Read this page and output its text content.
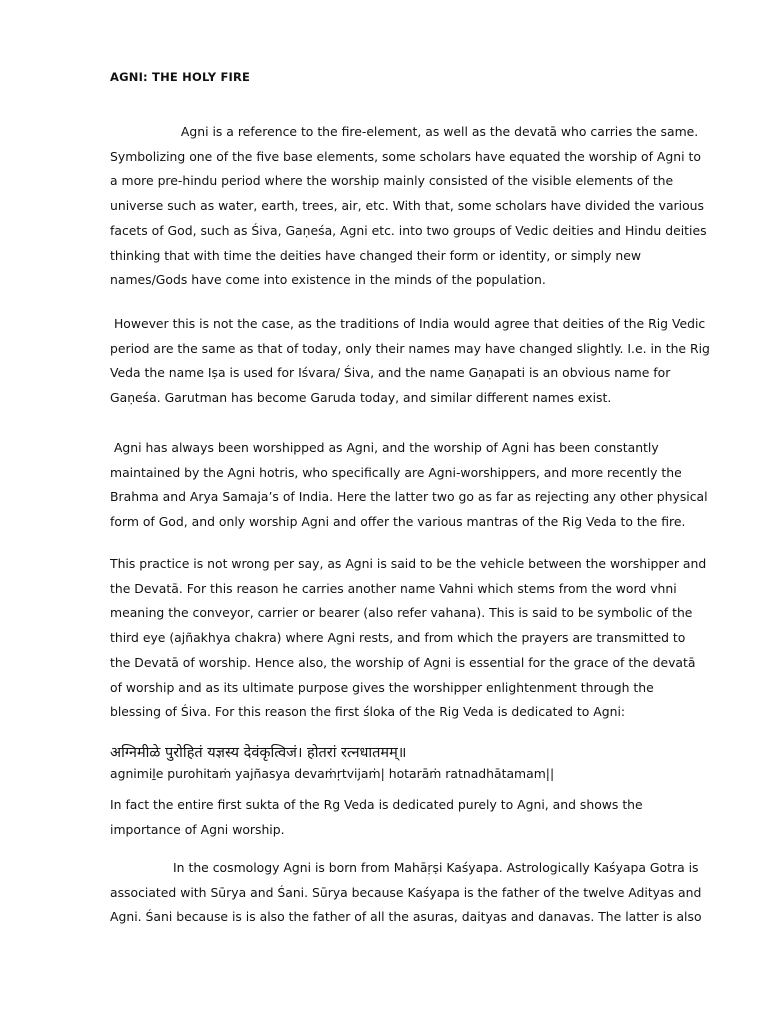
AGNI: THE HOLY FIRE
Agni is a reference to the fire-element, as well as the devatā who carries the same.
Symbolizing one of the five base elements, some scholars have equated the worship of Agni to
a more pre-hindu period where the worship mainly consisted of the visible elements of the
universe such as water, earth, trees, air, etc. With that, some scholars have divided the various
facets of God, such as Śiva, Gaṇeśa, Agni etc. into two groups of Vedic deities and Hindu deities
thinking that with time the deities have changed their form or identity, or simply new
names/Gods have come into existence in the minds of the population.
However this is not the case, as the traditions of India would agree that deities of the Rig Vedic
period are the same as that of today, only their names may have changed slightly. I.e. in the Rig
Veda the name Iṣa is used for Iśvara/ Śiva, and the name Gaṇapati is an obvious name for
Gaṇeśa. Garutman has become Garuda today, and similar different names exist.
Agni has always been worshipped as Agni, and the worship of Agni has been constantly
maintained by the Agni hotris, who specifically are Agni-worshippers, and more recently the
Brahma and Arya Samaja’s of India. Here the latter two go as far as rejecting any other physical
form of God, and only worship Agni and offer the various mantras of the Rig Veda to the fire.
This practice is not wrong per say, as Agni is said to be the vehicle between the worshipper and
the Devatā. For this reason he carries another name Vahni which stems from the word vhni
meaning the conveyor, carrier or bearer (also refer vahana). This is said to be symbolic of the
third eye (ajñakhya chakra) where Agni rests, and from which the prayers are transmitted to
the Devatā of worship. Hence also, the worship of Agni is essential for the grace of the devatā
of worship and as its ultimate purpose gives the worshipper enlightenment through the
blessing of Śiva. For this reason the first śloka of the Rig Veda is dedicated to Agni:
अग्निमीळे पुरोहितं यज्ञस्य देवंकृत्विजं। होतरां रत्नधातमम्॥
agnimiḻe purohitaṁ yajñasya devaṁṛtvijaṁ| hotarāṁ ratnadhātamam||
In fact the entire first sukta of the Rg Veda is dedicated purely to Agni, and shows the
importance of Agni worship.
In the cosmology Agni is born from Mahāṛṣi Kaśyapa. Astrologically Kaśyapa Gotra is
associated with Sūrya and Śani. Sūrya because Kaśyapa is the father of the twelve Adityas and
Agni. Śani because is is also the father of all the asuras, daityas and danavas. The latter is also
